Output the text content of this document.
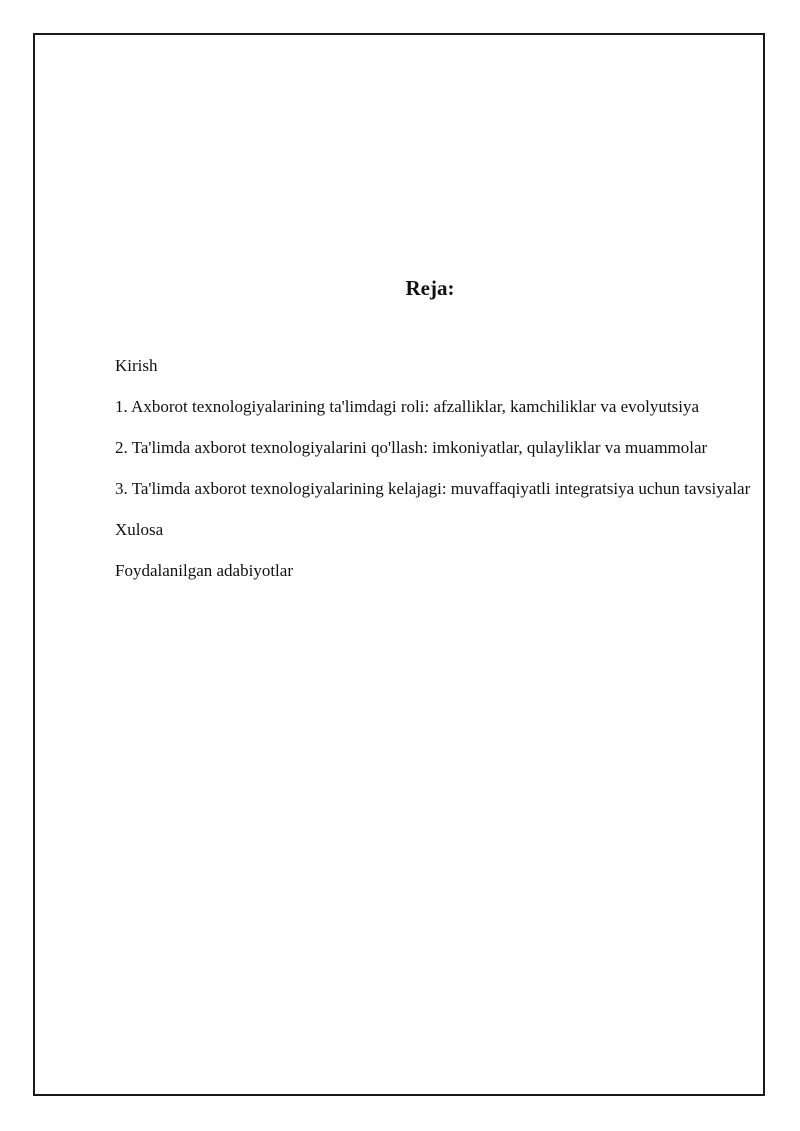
Reja:
Kirish
1. Axborot texnologiyalarining ta'limdagi roli: afzalliklar, kamchiliklar va evolyutsiya
2. Ta'limda axborot texnologiyalarini qo'llash: imkoniyatlar, qulayliklar va muammolar
3. Ta'limda axborot texnologiyalarining kelajagi: muvaffaqiyatli integratsiya uchun tavsiyalar
Xulosa
Foydalanilgan adabiyotlar
